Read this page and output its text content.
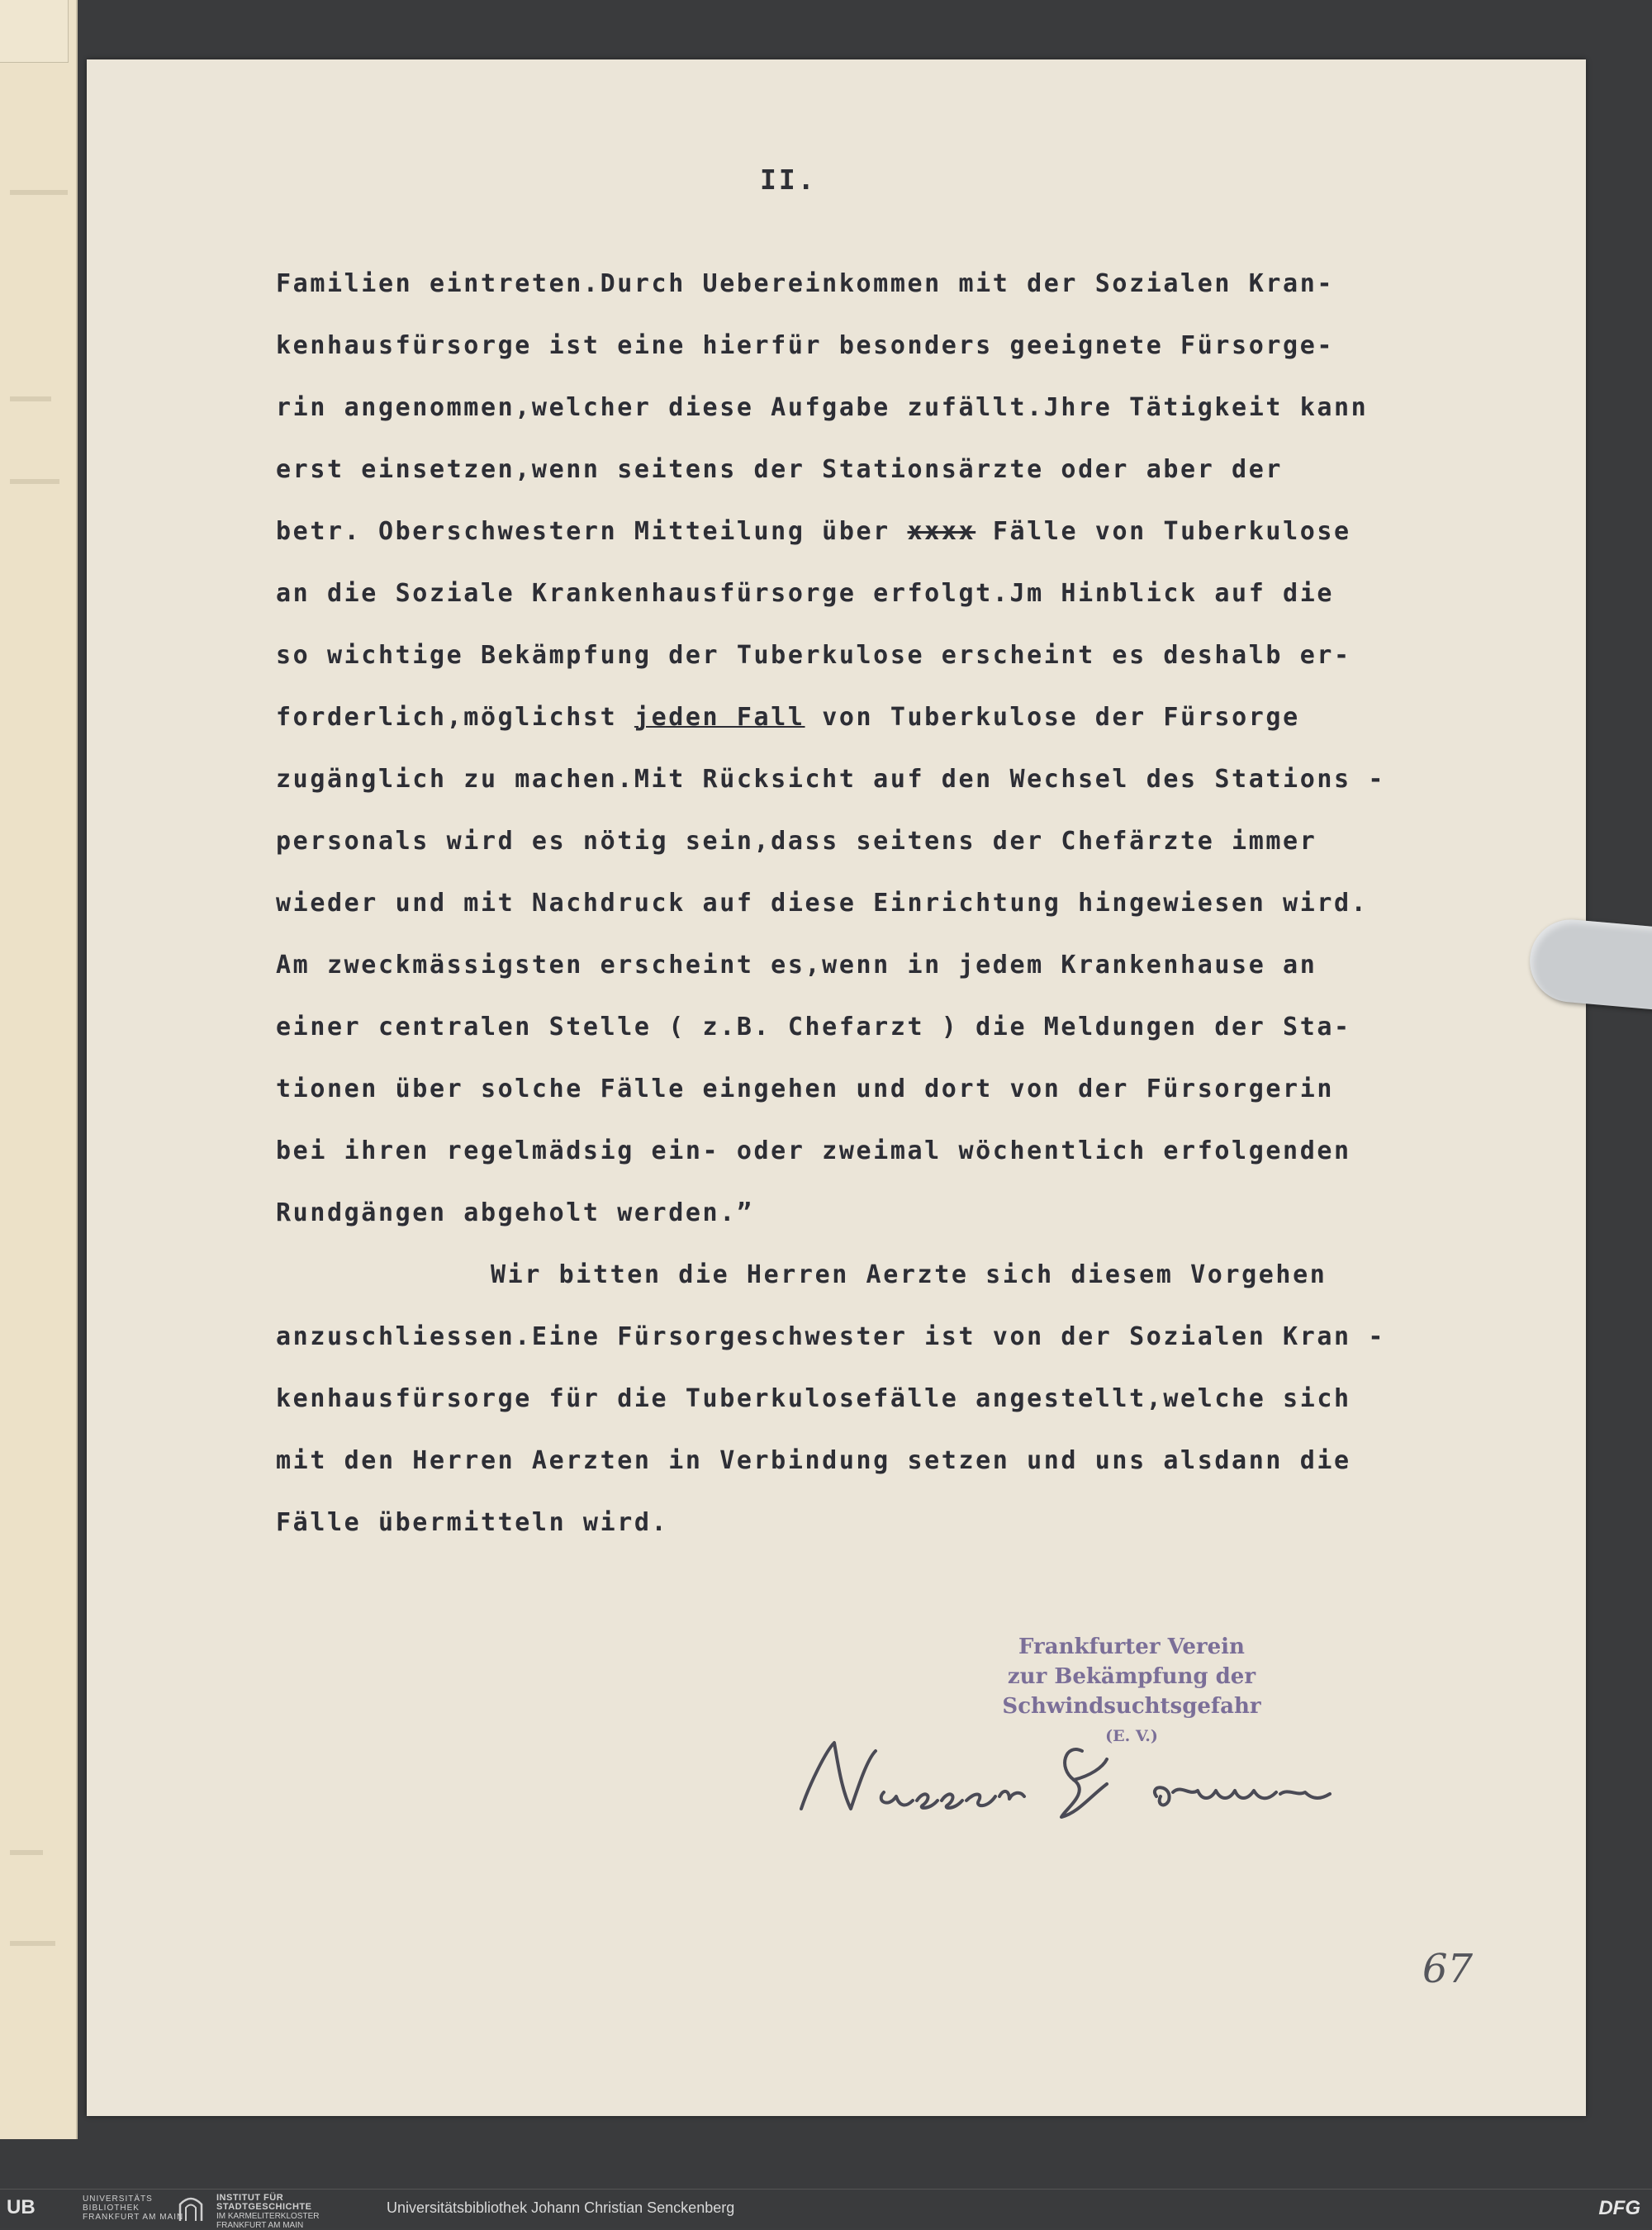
II.
Familien eintreten.Durch Uebereinkommen mit der Sozialen Kran-
kenhausfürsorge ist eine hierfür besonders geeignete Fürsorge-
rin angenommen,welcher diese Aufgabe zufällt.Jhre Tätigkeit kann
erst einsetzen,wenn seitens der Stationsärzte oder aber der
betr. Oberschwestern Mitteilung über xxxx Fälle von Tuberkulose
an die Soziale Krankenhausfürsorge erfolgt.Jm Hinblick auf die
so wichtige Bekämpfung der Tuberkulose erscheint es deshalb er-
forderlich,möglichst jeden Fall von Tuberkulose der Fürsorge
zugänglich zu machen.Mit Rücksicht auf den Wechsel des Stations -
personals wird es nötig sein,dass seitens der Chefärzte immer
wieder und mit Nachdruck auf diese Einrichtung hingewiesen wird.
Am zweckmässigsten erscheint es,wenn in jedem Krankenhause an
einer centralen Stelle ( z.B. Chefarzt ) die Meldungen der Sta-
tionen über solche Fälle eingehen und dort von der Fürsorgerin
bei ihren regelmädsig ein- oder zweimal wöchentlich erfolgenden
Rundgängen abgeholt werden.”
Wir bitten die Herren Aerzte sich diesem Vorgehen
anzuschliessen.Eine Fürsorgeschwester ist von der Sozialen Kran -
kenhausfürsorge für die Tuberkulosefälle angestellt,welche sich
mit den Herren Aerzten in Verbindung setzen und uns alsdann die
Fälle übermitteln wird.
Frankfurter Verein
zur Bekämpfung der Schwindsuchtsgefahr
(E. V.)
67
UB	UNIVERSITÄTS
BIBLIOTHEK
FRANKFURT AM MAIN
INSTITUT FÜR
STADTGESCHICHTE
IM KARMELITERKLOSTER
FRANKFURT AM MAIN
Universitätsbibliothek Johann Christian Senckenberg	DFG
